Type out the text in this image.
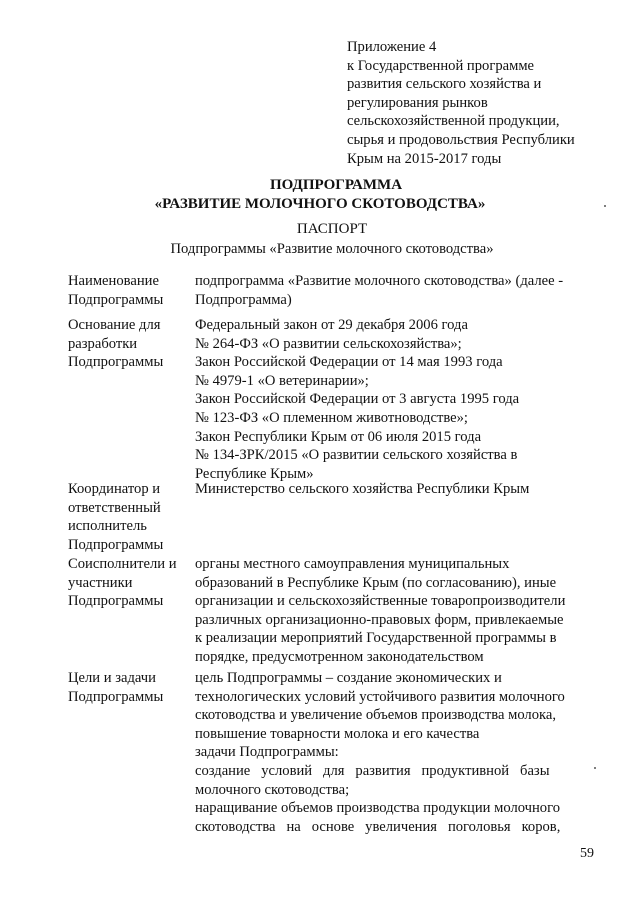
Приложение 4
к Государственной программе
развития сельского хозяйства и
регулирования рынков
сельскохозяйственной продукции,
сырья и продовольствия Республики
Крым на 2015-2017 годы
ПОДПРОГРАММА
«РАЗВИТИЕ МОЛОЧНОГО СКОТОВОДСТВА»
ПАСПОРТ
Подпрограммы «Развитие молочного скотоводства»
Наименование
Подпрограммы
подпрограмма «Развитие молочного скотоводства» (далее -
Подпрограмма)
Основание для
разработки
Подпрограммы
Федеральный закон от 29 декабря 2006 года
№ 264-ФЗ «О развитии сельскохозяйства»;
Закон Российской Федерации от 14 мая 1993 года
№ 4979-1 «О ветеринарии»;
Закон Российской Федерации от 3 августа 1995 года
№ 123-ФЗ «О племенном животноводстве»;
Закон Республики Крым от 06 июля 2015 года
№ 134-ЗРК/2015 «О развитии сельского хозяйства в
Республике Крым»
Координатор и
ответственный
исполнитель
Подпрограммы
Министерство сельского хозяйства Республики Крым
Соисполнители и
участники
Подпрограммы
органы местного самоуправления муниципальных
образований в Республике Крым (по согласованию), иные
организации и сельскохозяйственные товаропроизводители
различных организационно-правовых форм, привлекаемые
к реализации мероприятий Государственной программы в
порядке, предусмотренном законодательством
Цели и задачи
Подпрограммы
цель Подпрограммы – создание экономических и
технологических условий устойчивого развития молочного
скотоводства и увеличение объемов производства молока,
повышение товарности молока и его качества
задачи Подпрограммы:
создание   условий   для   развития   продуктивной   базы
молочного скотоводства;
наращивание объемов производства продукции молочного
скотоводства   на   основе   увеличения   поголовья   коров,
59
